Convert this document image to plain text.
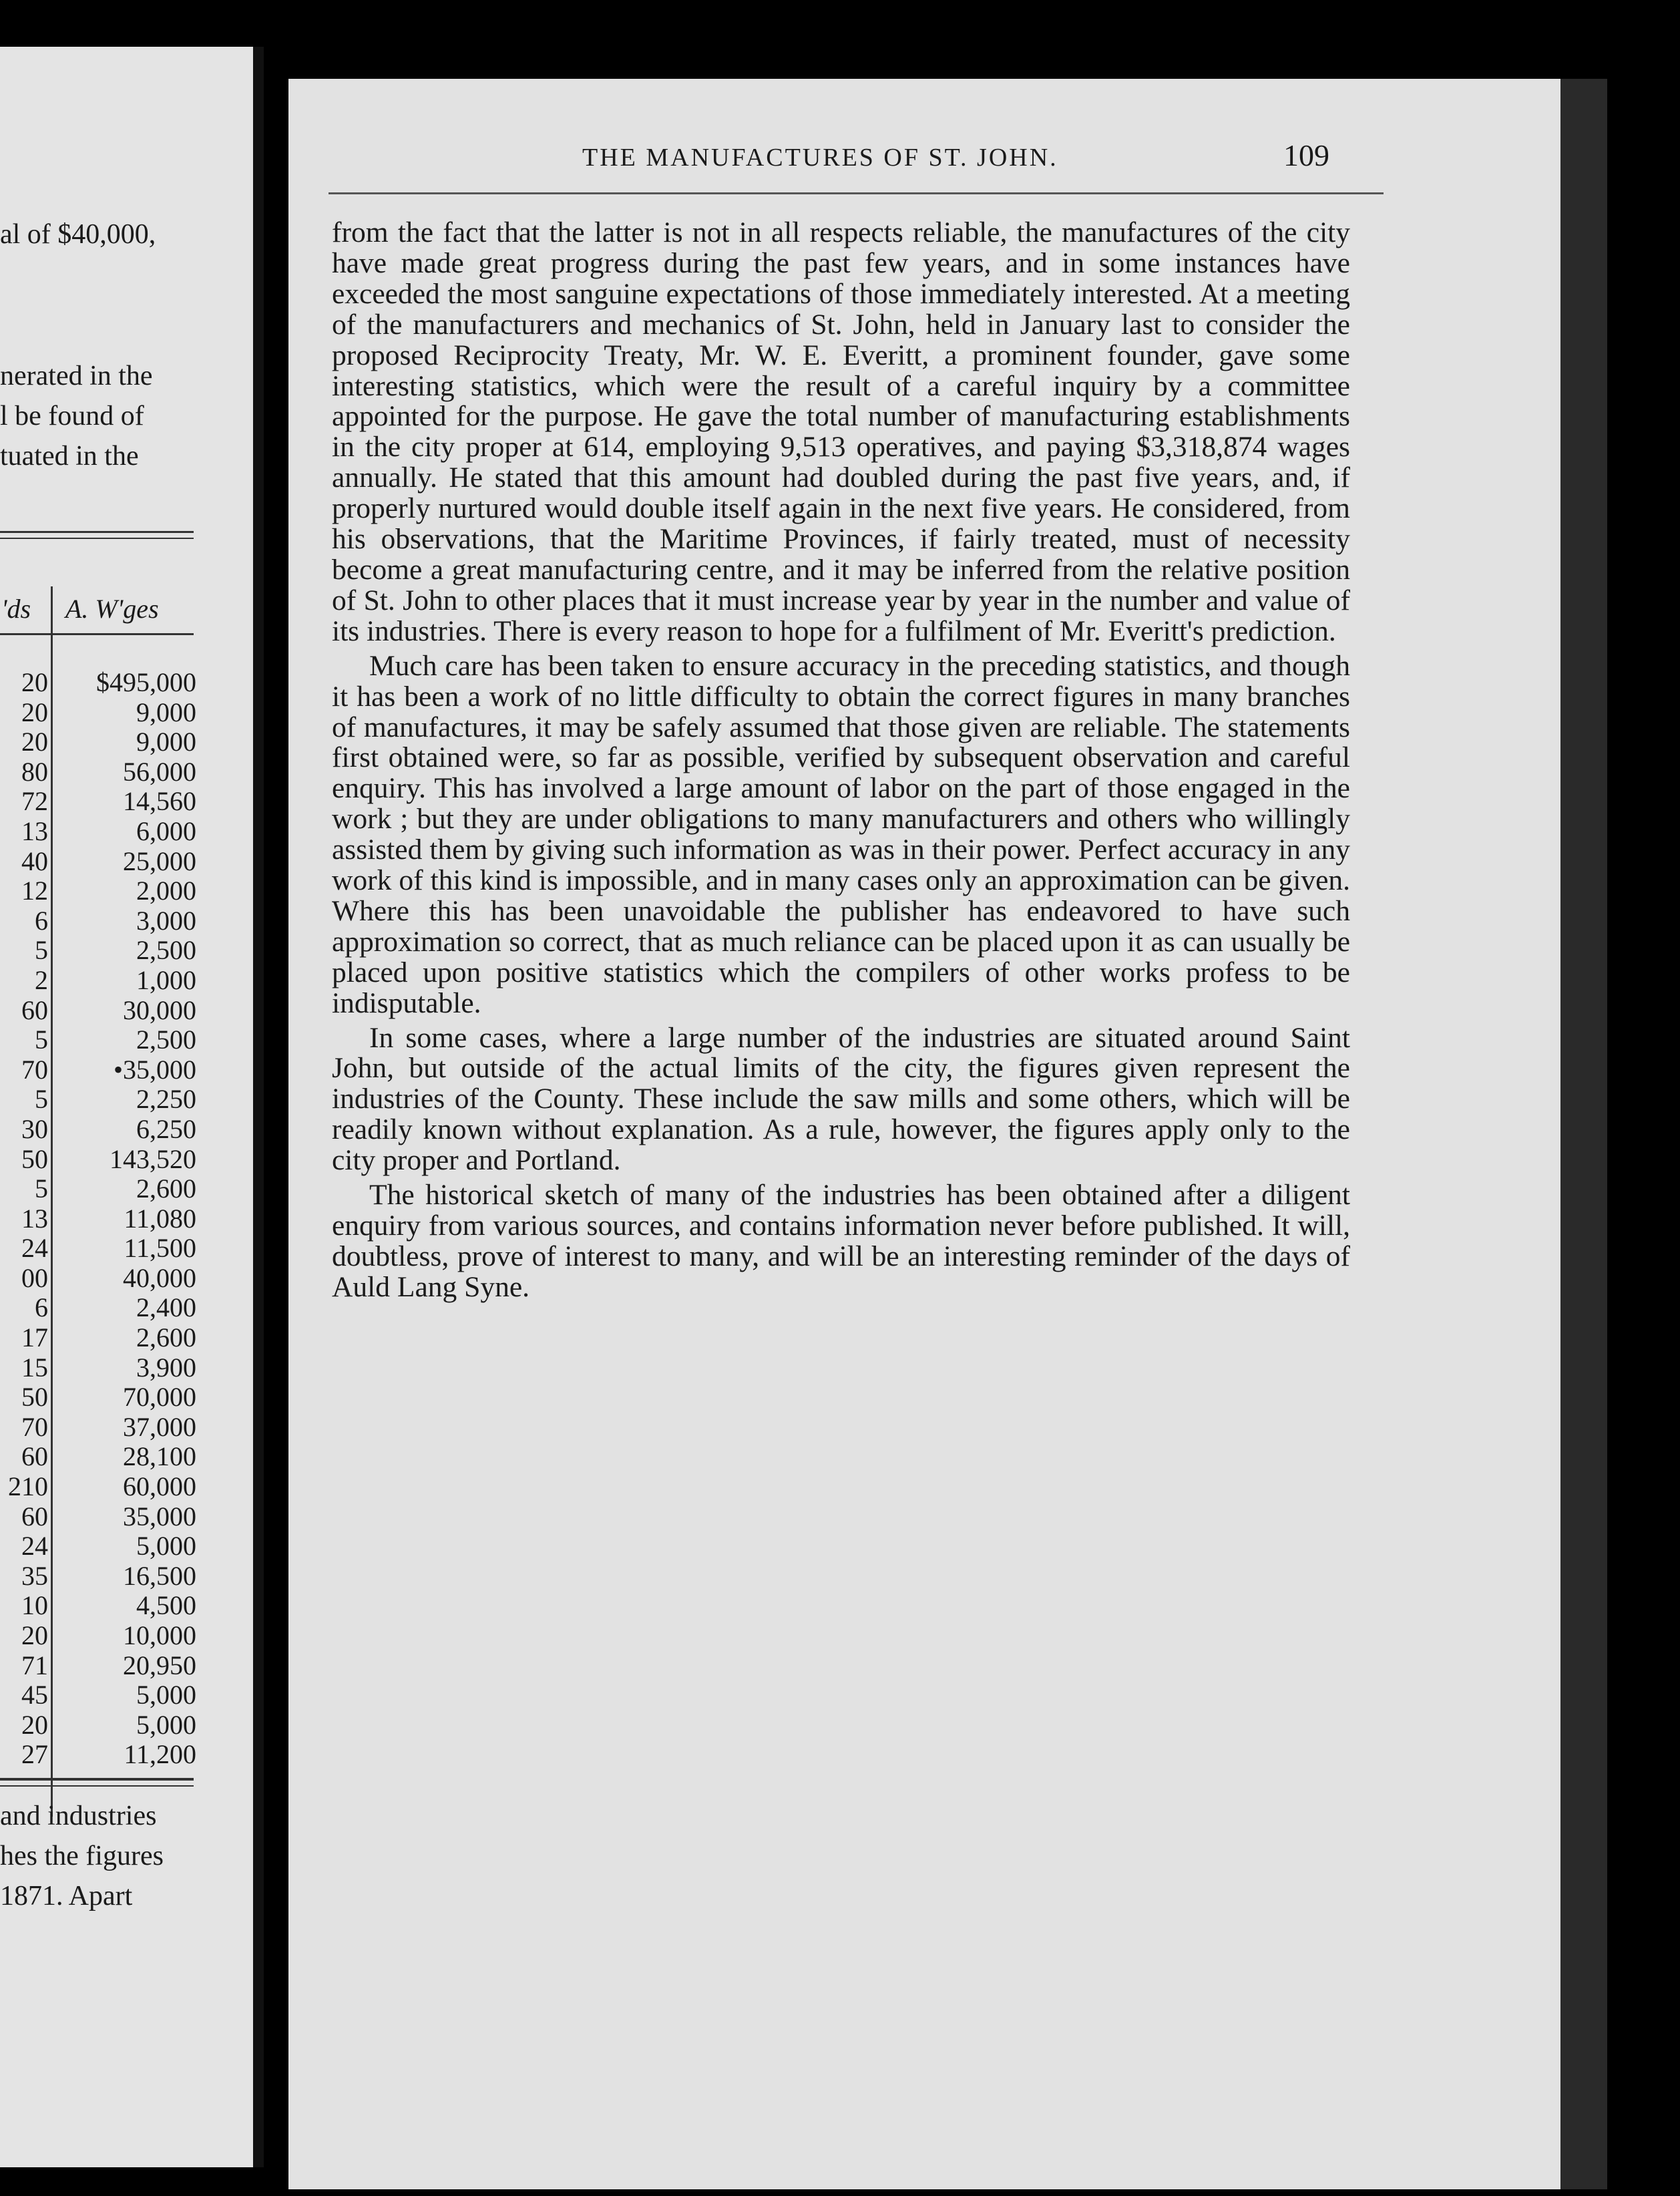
al of $40,000,
nerated in the
l be found of
tuated in the
'ds A. W'ges
20 $495,000
20	9,000
20	9,000
80	56,000
72	14,560
13	6,000
40	25,000
12	2,000
6	3,000
5	2,500
2	1,000
60	30,000
5	2,500
70 •35,000
5	2,250
30	6,250
50 143,520
5	2,600
13	11,080
24	11,500
00	40,000
6	2,400
17	2,600
15	3,900
50	70,000
70	37,000
60	28,100
210	60,000
60	35,000
24	5,000
35	16,500
10	4,500
20	10,000
71	20,950
45	5,000
20	5,000
27	11,200
and industries
hes the figures
1871. Apart
THE MANUFACTURES OF ST. JOHN.	109

from the fact that the latter is not in all respects reliable, the manufactures of the city have made great progress during the past few years, and in some instances have exceeded the most sanguine expectations of those immediately interested. At a meeting of the manufacturers and mechanics of St. John, held in January last to consider the proposed Reciprocity Treaty, Mr. W. E. Everitt, a prominent founder, gave some interesting statistics, which were the result of a careful inquiry by a committee appointed for the purpose. He gave the total number of manufacturing establishments in the city proper at 614, employing 9,513 operatives, and paying $3,318,874 wages annually. He stated that this amount had doubled during the past five years, and, if properly nurtured would double itself again in the next five years. He considered, from his observations, that the Maritime Provinces, if fairly treated, must of necessity become a great manufacturing centre, and it may be inferred from the relative position of St. John to other places that it must increase year by year in the number and value of its industries. There is every reason to hope for a fulfilment of Mr. Everitt's prediction.

Much care has been taken to ensure accuracy in the preceding statistics, and though it has been a work of no little difficulty to obtain the correct figures in many branches of manufactures, it may be safely assumed that those given are reliable. The statements first obtained were, so far as possible, verified by subsequent observation and careful enquiry. This has involved a large amount of labor on the part of those engaged in the work ; but they are under obligations to many manufacturers and others who willingly assisted them by giving such information as was in their power. Perfect accuracy in any work of this kind is impossible, and in many cases only an approximation can be given. Where this has been unavoidable the publisher has endeavored to have such approximation so correct, that as much reliance can be placed upon it as can usually be placed upon positive statistics which the compilers of other works profess to be indisputable.

In some cases, where a large number of the industries are situated around Saint John, but outside of the actual limits of the city, the figures given represent the industries of the County. These include the saw mills and some others, which will be readily known without explanation. As a rule, however, the figures apply only to the city proper and Portland.

The historical sketch of many of the industries has been obtained after a diligent enquiry from various sources, and contains information never before published. It will, doubtless, prove of interest to many, and will be an interesting reminder of the days of Auld Lang Syne.
